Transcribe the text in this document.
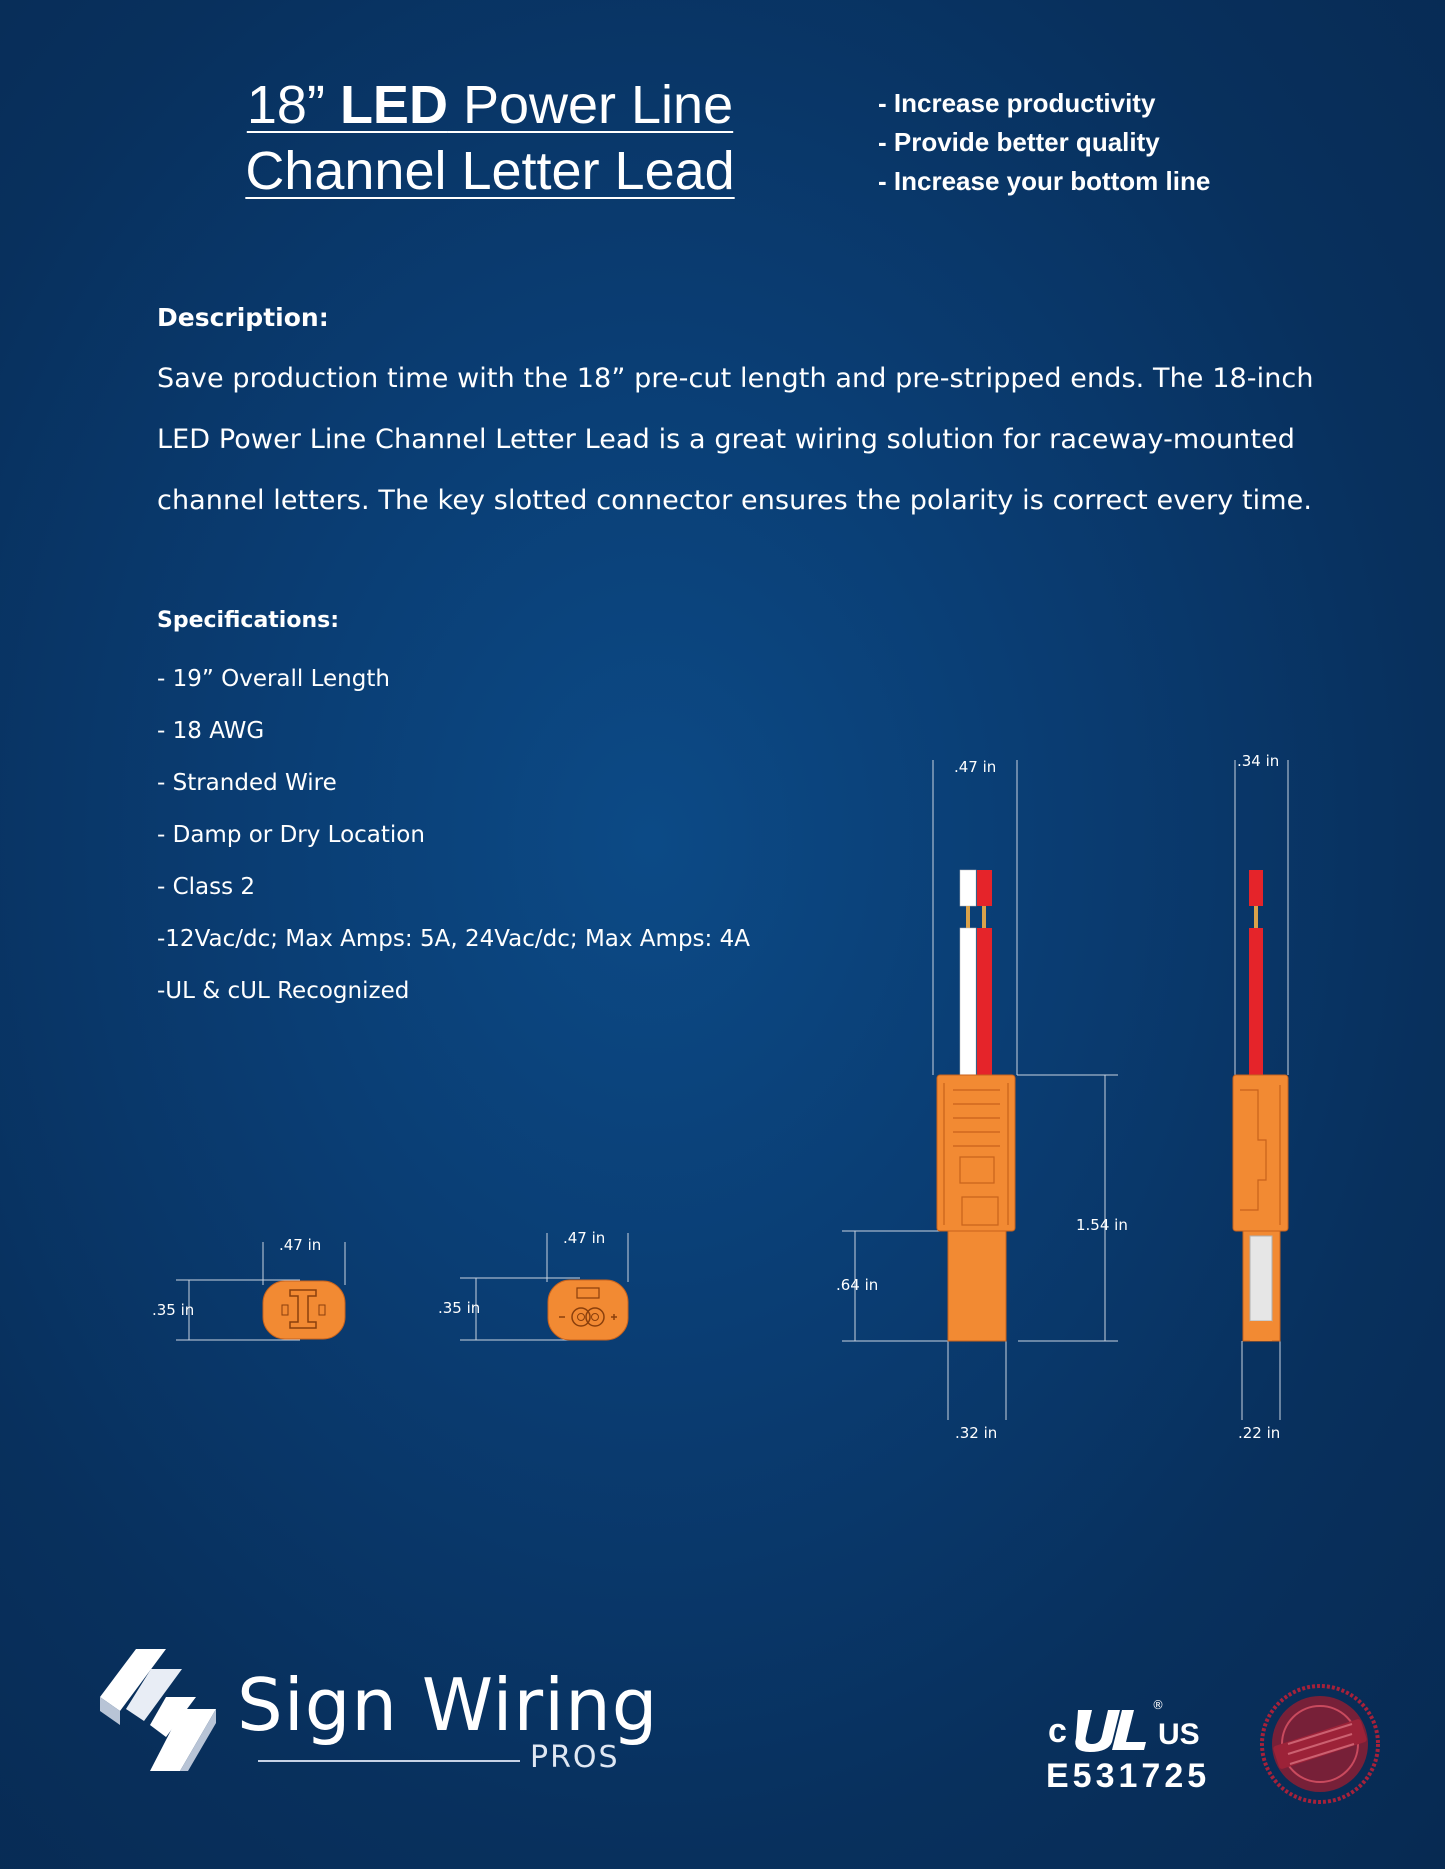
18” LED Power Line
Channel Letter Lead
- Increase productivity
- Provide better quality
- Increase your bottom line
Description:
Save production time with the 18” pre-cut length and pre-stripped ends. The 18-inch LED Power Line Channel Letter Lead is a great wiring solution for raceway-mounted channel letters. The key slotted connector ensures the polarity is correct every time.
Specifications:
- 19” Overall Length
- 18 AWG
- Stranded Wire
- Damp or Dry Location
- Class 2
-12Vac/dc; Max Amps: 5A, 24Vac/dc; Max Amps: 4A
-UL & cUL Recognized
.47 in	.34 in
1.54 in
.64 in
.32 in	.22 in
.47 in
.35 in
.47 in
.35 in
Sign Wiring
PROS
c
®
US
E531725
